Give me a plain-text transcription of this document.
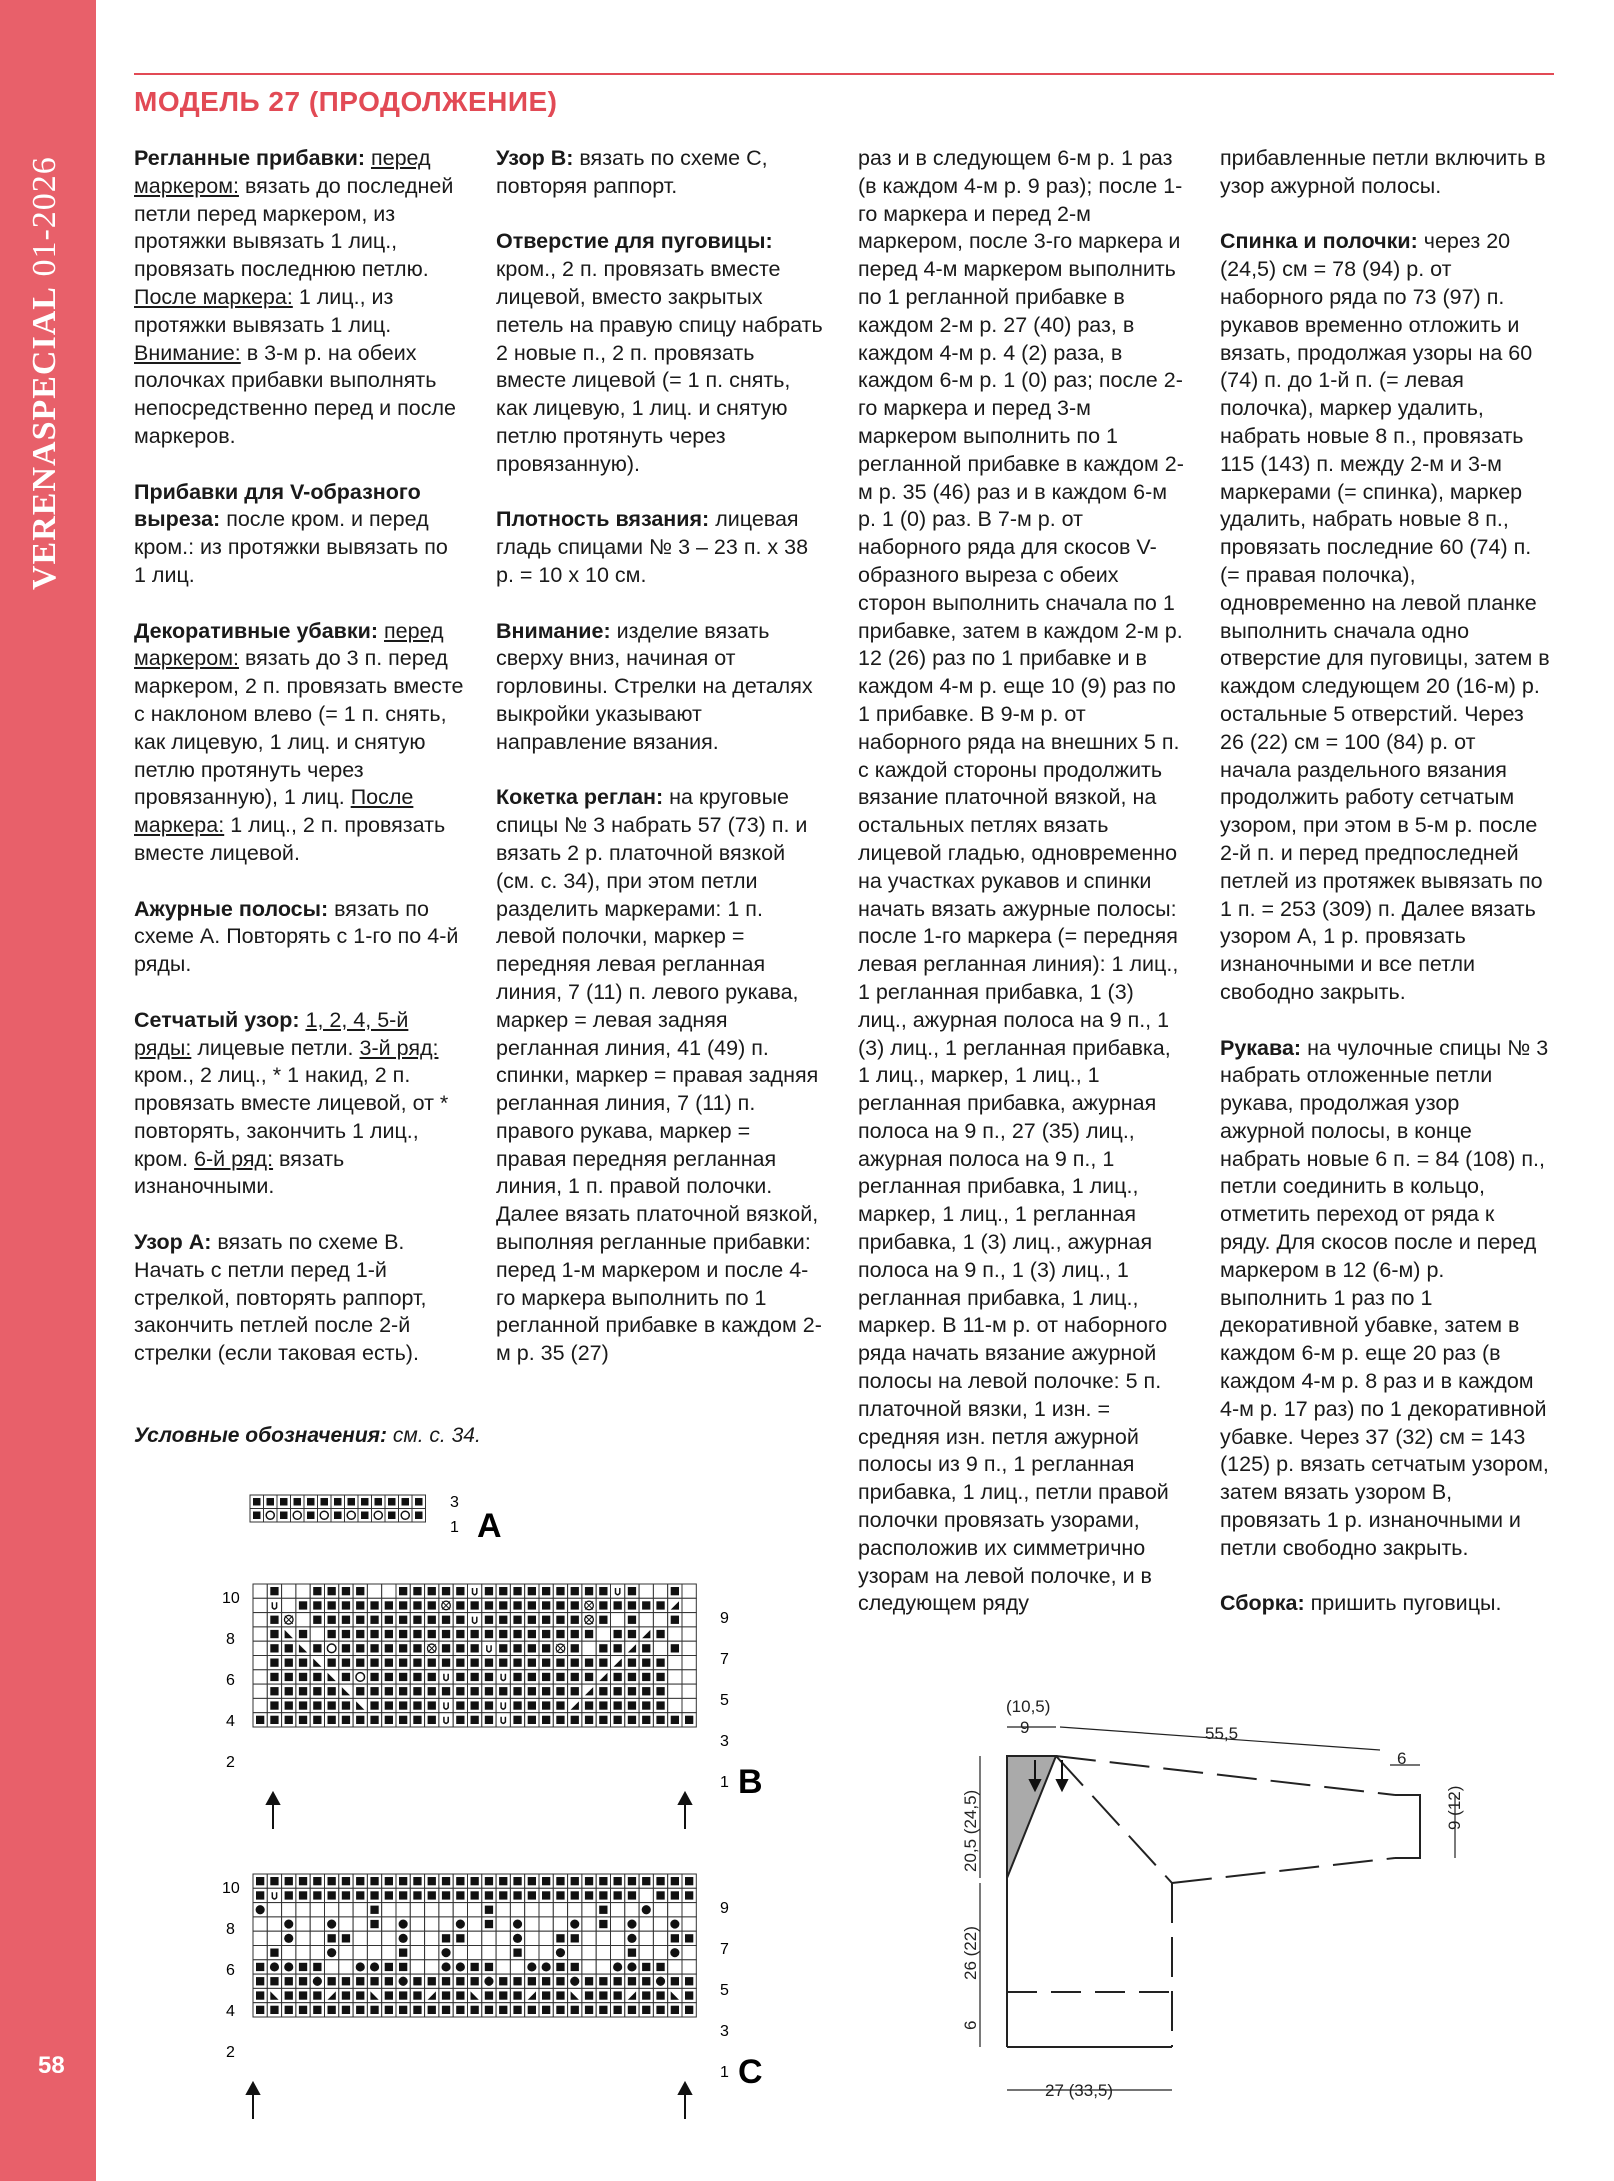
VERENASPECIAL 01-2026
58
МОДЕЛЬ 27 (ПРОДОЛЖЕНИЕ)

Регланные прибавки: перед маркером: вязать до последней петли перед маркером, из протяжки вывязать 1 лиц., провязать последнюю петлю. После маркера: 1 лиц., из протяжки вывязать 1 лиц. Внимание: в 3-м р. на обеих полочках прибавки выполнять непосредственно перед и после маркеров.

Прибавки для V-образного выреза: после кром. и перед кром.: из протяжки вывязать по 1 лиц.

Декоративные убавки: перед маркером: вязать до 3 п. перед маркером, 2 п. провязать вместе с наклоном влево (= 1 п. снять, как лицевую, 1 лиц. и снятую петлю протянуть через провязанную), 1 лиц. После маркера: 1 лиц., 2 п. провязать вместе лицевой.

Ажурные полосы: вязать по схеме А. Повторять с 1-го по 4-й ряды.

Сетчатый узор: 1, 2, 4, 5-й ряды: лицевые петли. 3-й ряд: кром., 2 лиц., * 1 накид, 2 п. провязать вместе лицевой, от * повторять, закончить 1 лиц., кром. 6-й ряд: вязать изнаночными.

Узор А: вязать по схеме В. Начать с петли перед 1-й стрелкой, повторять раппорт, закончить петлей после 2-й стрелки (если таковая есть).

Узор В: вязать по схеме С, повторяя раппорт.

Отверстие для пуговицы: кром., 2 п. провязать вместе лицевой, вместо закрытых петель на правую спицу набрать 2 новые п., 2 п. провязать вместе лицевой (= 1 п. снять, как лицевую, 1 лиц. и снятую петлю протянуть через провязанную).

Плотность вязания: лицевая гладь спицами № 3 – 23 п. х 38 р. = 10 х 10 см.

Внимание: изделие вязать сверху вниз, начиная от горловины. Стрелки на деталях выкройки указывают направление вязания.

Кокетка реглан: на круговые спицы № 3 набрать 57 (73) п. и вязать 2 р. платочной вязкой (см. с. 34), при этом петли разделить маркерами: 1 п. левой полочки, маркер = передняя левая регланная линия, 7 (11) п. левого рукава, маркер = левая задняя регланная линия, 41 (49) п. спинки, маркер = правая задняя регланная линия, 7 (11) п. правого рукава, маркер = правая передняя регланная линия, 1 п. правой полочки. Далее вязать платочной вязкой, выполняя регланные прибавки: перед 1-м маркером и после 4-го маркера выполнить по 1 регланной прибавке в каждом 2-м р. 35 (27)

раз и в следующем 6-м р. 1 раз (в каждом 4-м р. 9 раз); после 1-го маркера и перед 2-м маркером, после 3-го маркера и перед 4-м маркером выполнить по 1 регланной прибавке в каждом 2-м р. 27 (40) раз, в каждом 4-м р. 4 (2) раза, в каждом 6-м р. 1 (0) раз; после 2-го маркера и перед 3-м маркером выполнить по 1 регланной прибавке в каждом 2-м р. 35 (46) раз и в каждом 6-м р. 1 (0) раз. В 7-м р. от наборного ряда для скосов V-образного выреза с обеих сторон выполнить сначала по 1 прибавке, затем в каждом 2-м р. 12 (26) раз по 1 прибавке и в каждом 4-м р. еще 10 (9) раз по 1 прибавке. В 9-м р. от наборного ряда на внешних 5 п. с каждой стороны продолжить вязание платочной вязкой, на остальных петлях вязать лицевой гладью, одновременно на участках рукавов и спинки начать вязать ажурные полосы: после 1-го маркера (= передняя левая регланная линия): 1 лиц., 1 регланная прибавка, 1 (3) лиц., ажурная полоса на 9 п., 1 (3) лиц., 1 регланная прибавка, 1 лиц., маркер, 1 лиц., 1 регланная прибавка, ажурная полоса на 9 п., 27 (35) лиц., ажурная полоса на 9 п., 1 регланная прибавка, 1 лиц., маркер, 1 лиц., 1 регланная прибавка, 1 (3) лиц., ажурная полоса на 9 п., 1 (3) лиц., 1 регланная прибавка, 1 лиц., маркер. В 11-м р. от наборного ряда начать вязание ажурной полосы на левой полочке: 5 п. платочной вязки, 1 изн. = средняя изн. петля ажурной полосы из 9 п., 1 регланная прибавка, 1 лиц., петли правой полочки провязать узорами, расположив их симметрично узорам на левой полочке, и в следующем ряду

прибавленные петли включить в узор ажурной полосы.

Спинка и полочки: через 20 (24,5) см = 78 (94) р. от наборного ряда по 73 (97) п. рукавов временно отложить и вязать, продолжая узоры на 60 (74) п. до 1-й п. (= левая полочка), маркер удалить, набрать новые 8 п., провязать 115 (143) п. между 2-м и 3-м маркерами (= спинка), маркер удалить, набрать новые 8 п., провязать последние 60 (74) п. (= правая полочка), одновременно на левой планке выполнить сначала одно отверстие для пуговицы, затем в каждом следующем 20 (16-м) р. остальные 5 отверстий. Через 26 (22) см = 100 (84) р. от начала раздельного вязания продолжить работу сетчатым узором, при этом в 5-м р. после 2-й п. и перед предпоследней петлей из протяжек вывязать по 1 п. = 253 (309) п. Далее вязать узором А, 1 р. провязать изнаночными и все петли свободно закрыть.

Рукава: на чулочные спицы № 3 набрать отложенные петли рукава, продолжая узор ажурной полосы, в конце набрать новые 6 п. = 84 (108) п., петли соединить в кольцо, отметить переход от ряда к ряду. Для скосов после и перед маркером в 12 (6-м) р. выполнить 1 раз по 1 декоративной убавке, затем в каждом 6-м р. еще 20 раз (в каждом 4-м р. 8 раз и в каждом 4-м р. 17 раз) по 1 декоративной убавке. Через 37 (32) см = 143 (125) р. вязать сетчатым узором, затем вязать узором В, провязать 1 р. изнаночными и петли свободно закрыть.

Сборка: пришить пуговицы.

Условные обозначения: см. с. 34.
3
1 A
10
8
6
4
2
9
7
5
3
1 B
10
8
6
4
2
9
7
5
3
1 C
(10,5)
9	55,5
6
9 (12)
20,5 (24,5)
26 (22)
6
27 (33,5)
